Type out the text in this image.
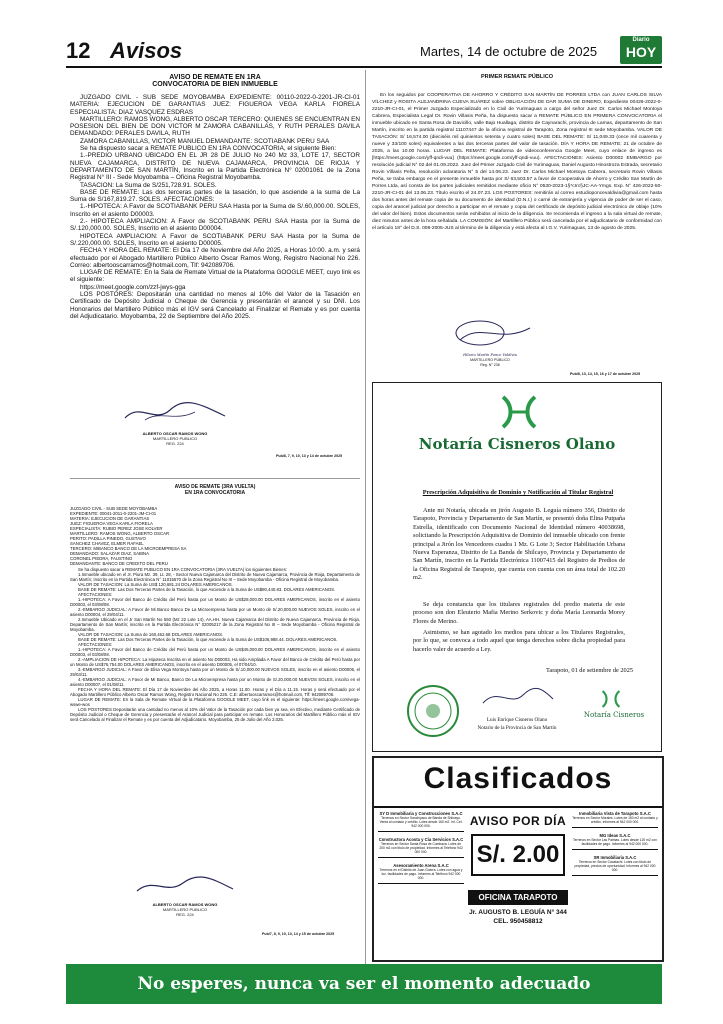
12 Avisos	Martes, 14 de octubre de 2025
Diario
HOY
AVISO DE REMATE EN 1RA
CONVOCATORIA DE BIEN INMUEBLE
JUZGADO CIVIL - SUB SEDE MOYOBAMBA EXPEDIENTE: 00110-2022-0-2201-JR-CI-01 MATERIA: EJECUCION DE GARANTIAS JUEZ: FIGUEROA VEGA KARLA FIORELA ESPECIALISTA: DIAZ VASQUEZ ESDRAS
MARTILLERO: RAMOS WONG, ALBERTO OSCAR TERCERO: QUIENES SE ENCUENTRAN EN POSESION DEL BIEN DE DON VICTOR M ZAMORA CABANILLAS, Y RUTH PERALES DAVILA DEMANDADO: PERALES DAVILA, RUTH
ZAMORA CABANILLAS, VICTOR MANUEL DEMANDANTE: SCOTIABANK PERU SAA
Se ha dispuesto sacar a REMATE PUBLICO EN 1RA CONVOCATORIA, el siguiente Bien:
1.-PREDIO URBANO UBICADO EN EL JR 28 DE JULIO No 240 Mz 33, LOTE 17, SECTOR NUEVA CAJAMARCA, DISTRITO DE NUEVA CAJAMARCA, PROVINCIA DE RIOJA Y DEPARTAMENTO DE SAN MARTÍN, Inscrito en la Partida Electrónica N° 02001061 de la Zona Registral N° III - Sede Moyobamba – Oficina Registral Moyobamba.
TASACION: La Suma de S/251,728.91. SOLES.
BASE DE REMATE: Las dos terceras partes de la tasación, lo que asciende a la suma de La Suma de S/167,819.27. SOLES. AFECTACIONES:
1.-HIPOTECA: A Favor de SCOTIABANK PERU SAA Hasta por la Suma de S/.60,000.00. SOLES, Inscrito en el asiento D00003.
2.- HIPOTECA AMPLIACION: A Favor de SCOTIABANK PERU SAA Hasta por la Suma de S/.120,000.00. SOLES, Inscrito en el asiento D00004.
HIPOTECA AMPLIACION: A Favor de SCOTIABANK PERU SAA Hasta por la Suma de S/.220,000.00. SOLES, Inscrito en el asiento D00005.
FECHA Y HORA DEL REMATE: El Día 17 de Noviembre del Año 2025, a Horas 10:00. a.m. y será efectuado por el Abogado Martillero Público Alberto Oscar Ramos Wong, Registro Nacional No 226. Correo: albertooscarramos@hotmail.com, Tlf: 942089706.
LUGAR DE REMATE: En la Sala de Remate Virtual de la Plataforma GOOGLE MEET, cuyo link es el siguiente:
https://meet.google.com/zzf-jwys-gga
LOS POSTORES: Depositarán una cantidad no menos al 10% del Valor de la Tasación en Certificado de Depósito Judicial o Cheque de Gerencia y presentarán el arancel y su DNI. Los Honorarios del Martillero Público más el IGV será Cancelado al Finalizar el Remate y es por cuenta del Adjudicatario. Moyobamba, 22 de Septiembre del Año 2025.
ALBERTO OSCAR RAMOS WONG
MARTILLERO PUBLICO
REG. 224
Pub/8, 7, 9, 10, 13 y 14 de octubre 2025
AVISO DE REMATE (3RA VUELTA)
EN 1RA CONVOCATORIA
JUZGADO CIVIL - SUB SEDE MOYOBAMBA
EXPEDIENTE: 00041-2011-0-2201-JM-CI-01
MATERIA: EJECUCION DE GARANTIAS
JUEZ: FIGUEROA VEGA KARLA FIORELA
ESPECIALISTA: RUBIO PEREZ JOSE KOLVER
MARTILLERO: RAMOS WONG, ALBERTO OSCAR
PERITO: PADILLA PINEDO, GUSTAVO
SANCHEZ CHAVEZ, ELMER RAFAEL
TERCERO: MIBANCO BANCO DE LA MICROEMPRESA SA
DEMANDADO: SALAZAR DIAZ, SABINA
CORONEL PIEDRA, FAUSTINO
DEMANDANTE: BANCO DE CREDITO DEL PERU
Se ha dispuesto sacar a REMATE PUBLICO EN 1RA CONVOCATORIA (3RA VUELTA) los siguientes Bienes:
1.Inmueble ubicado en el Jr. Piura Mz. 39, Lt. 28, - Sector Nueva Cajamarca del Distrito de Nueva Cajamarca, Provincia de Rioja, Departamento de San Martín; Inscrito en la Partida Electrónica N° 11015570 de la Zona Registral No III – Sede Moyobamba - Oficina Registral de Moyobamba.
VALOR DE TASACION: La Suma de US$ 120,681.24 DOLARES AMERICANOS.
BASE DE REMATE: Las Dos Terceras Partes de la Tasación, lo que Asciende a la Suma de US$80,440.83. DOLARES AMERICANOS.
AFECTACIONES:
1.-HIPOTECA: A Favor del Banco de Crédito del Perú hasta por un Monto de US$28,000.00 DOLARES AMERICANOS, inscrito en el asiento D00003, el 03/08/08.
2.-EMBARGO JUDICIAL: A Favor de Mi Banco Banco De La Microempresa hasta por un Monto de S/.20,000.00 NUEVOS SOLES, inscrito en el asiento D00004, el 29/04/11.
2.Inmueble Ubicado en el Jr San Martín No 550 (Mz 22 Lote 14), AA.HH. Nueva Cajamarca del Distrito de Nueva Cajamarca, Provincia de Rioja, Departamento de San Martín; inscrito en la Partida Electrónica N° 02005217 de la Zona Registral No III – Sede Moyobamba - Oficina Registral de Moyobamba.
VALOR DE TASACION: La Suma de 160,462.68 DOLARES AMERICANOS.
BASE DE REMATE: Las Dos Terceras Partes de la Tasación, lo que Asciende a la Suma de US$106,988.44. DOLARES AMERICANOS.
AFECTACIONES:
1.-HIPOTECA: A Favor del Banco de Crédito del Perú hasta por un Monto de US$45,000.00 DOLARES AMERICANOS, inscrito en el asiento D00003, el 03/08/08.
2.-AMPLIACION DE HIPOTECA: La Hipoteca Inscrita en el asiento No D00003, Ha sido Ampliada A Favor del Banco de Crédito del Perú hasta por un Monto de US$76,754.00 DOLARES AMERICANOS, inscrito en el asiento D00005, el 07/04/10.
3.-EMBARGO JUDICIAL: A Favor de Elisa Vega Montoya hasta por un Monto de S/.10,000.00 NUEVOS SOLES, inscrito en el asiento D00006, el 29/03/11.
4.-EMBARGO JUDICIAL: A Favor de Mi Banco, Banco De La Microempresa hasta por un Monto de S/.20,000.00 NUEVOS SOLES, inscrito en el asiento D00007, el 01/08/11.
FECHA Y HORA DEL REMATE: El Día 17 de Noviembre del Año 2025, a Horas 11.00. Horas y el Día a 11.15. Horas y será efectuado por el Abogado Martillero Público Alberto Oscar Ramos Wong, Registro Nacional No 226. C.E: albertooscarramos@hotmail.com, Tlf: 942089706.
LUGAR DE REMATE: En la Sala de Remate Virtual de la Plataforma GOOGLE MEET, cuyo link es el siguiente: https://meet.google.com/vega-wswe-wos
LOS POSTORES Depositarán una cantidad no menos al 10% del Valor de la Tasación por cada bien ya sea, en Efectivo, mediante Certificado de Depósito Judicial o Cheque de Gerencia y presentarán el Arancel Judicial para participar en remate. Los Honorarios del Martillero Público más el IGV será Cancelado al Finalizar el Remate y es por cuenta del Adjudicatario. Moyobamba, 25 de Julio del Año 2.025.
ALBERTO OSCAR RAMOS WONG
MARTILLERO PUBLICO
REG. 224
Pub/7, 8, 9, 10, 13, 14 y 15 de octubre 2025
PRIMER REMATE PÚBLICO
En los seguidos por COOPERATIVA DE AHORRO Y CRÉDITO SAN MARTÍN DE PORRES LTDA con JUAN CARLOS SILVA VÍLCHEZ y ROSITA ALEJANDRINA CUEVA SUÁREZ sobre OBLIGACIÓN DE DAR SUMA DE DINERO, Expediente 00426-2022-0-2210-JR-CI-01, el Primer Juzgado Especializado en lo Civil de Yurimaguas a cargo del señor Juez Dr. Carlos Michael Montoya Cabrera, Especialista Legal Dr. Rovin Villasis Peña, ha dispuesto sacar a REMATE PÚBLICO EN PRIMERA CONVOCATORIA el inmueble ubicado en Santa Rosa de Davicillo, valle Bajo Huallaga, distrito de Caynarachi, provincia de Lamas, departamento de San Martín, inscrito en la partida registral 11107447 de la oficina registral de Tarapoto, Zona registral III sede Moyobamba. VALOR DE TASACIÓN: S/ 16,574.00 (dieciséis mil quinientos setenta y cuatro soles) BASE DEL REMATE: S/ 11,049.33 (once mil cuarenta y nueve y 33/100 soles) equivalentes a las dos terceras partes del valor de tasación. DÍA Y HORA DE REMATE: 21 de octubre de 2025, a las 10.00 horas. LUGAR DEL REMATE: Plataforma de videoconferencia Google Meet, cuyo enlace de ingreso es [https://meet.google.com/yff-qndi-vuu] (https://meet.google.com/yff-qndi-vuu). AFECTACIONES: Asiento D00002 EMBARGO por resolución judicial N° 02 del 01.09.2022. Juez del Primer Juzgado Civil de Yurimaguas, Daniel Augusto Hinostroza Estrada, secretario Rovin Villasis Peña, resolución aclaratoria N° 5 del 14.06.23. Juez Dr. Carlos Michael Montoya Cabrera, secretario Rovin Villasis Peña, se traba embargo en el presente inmueble hasta por S/ 63,503.57 a favor de Cooperativa de Ahorro y Crédito San Martín de Porres Ltda, así consta de los partes judiciales remitidos mediante oficio N° 0530-2023-1§*cIrc§JC-AA-Ymgs. Exp. N° 426-2022-50-2210-JR-CI-01 del 13.06.23. Título escrito el 24.07.23. LOS POSTORES: remitirán al correo estudioponcevaldivia@gmail.com hasta dos horas antes del remate copia de su documento de identidad (D.N.I.) o carné de extranjería y vigencia de poder de ser el caso, copia del arancel judicial por derecho a participar en el remate y copia del certificado de depósito judicial electrónico de oblaje (10% del valor del bien). Estos documentos serán exhibidos al inicio de la diligencia. Se recomienda el ingreso a la sala virtual de remate, diez minutos antes de la hora señalada. LA COMISIÓN: del Martillero Público será cancelada por el adjudicatario de conformidad con el artículo 18° del D.S. 008-2005-JUS al término de la diligencia y está afecta al I.G.V. Yurimaguas, 13 de agosto de 2025.
Hilario Martín Ponce Valdivia
MARTILLERO PÚBLICO
Reg. N° 236
Pub/8, 13, 14, 15, 16 y 17 de octubre 2025
Notaría Cisneros Olano
Prescripción Adquisitiva de Dominio y Notificación al Titular Registral
Ante mi Notaría, ubicada en jirón Augusto B. Leguía número 356, Distrito de Tarapoto, Provincia y Departamento de San Martín, se presentó doña Elina Putpaña Estrella, identificado con Documento Nacional de Identidad número 40038698, solicitando la Prescripción Adquisitiva de Dominio del inmueble ubicado con frente principal a Jirón los Vencedores cuadra 1 Mz. G Lote 3; Sector Habilitación Urbana Nueva Esperanza, Distrito de La Banda de Shilcayo, Provincia y Departamento de San Martín, inscrito en la Partida Electrónica 11007415 del Registro de Predios de la Oficina Registral de Tarapoto, que cuenta con cuenta con un área total de 102.20 m2.
Se deja constancia que los titulares registrales del predio materia de este proceso son don Eleuterio Mafia Merino Serkovic y doña María Leonarda Morey Flores de Merino.
Asimismo, se han agotado los medios para ubicar a los Titulares Registrales, por lo que, se convoca a todo aquel que tenga derechos sobre dicha propiedad para hacerlo valer de acuerdo a Ley.
Tarapoto, 01 de setiembre de 2025
Luis Enrique Cisneros Olano
Notario de la Provincia de San Martín
Notaría Cisneros
Clasificados
SY D Inmobiliaria y Construcciones S.A.C
Terrenos en Sector Sanchiyacu de Banda de Shilcayo. Venta al contado y crédito. Lotes desde 160 m2. Inf. Cel: 942 000 000.
Constructora Acosta y Cía Servicios S.A.C
Terrenos en Sector Santa Rosa de Cumbaza. Lotes de 200 m2 con título de propiedad. Informes al Teléfono 942 000 000.
Asesoramiento Arena S.A.C
Terrenos en el Distrito de Juan Guerra. Lotes con agua y luz, facilidades de pago. Informes al Teléfono 942 000 000.
AVISO POR DÍA
S/. 2.00
OFICINA TARAPOTO
Jr. AUGUSTO B. LEGUÍA N° 344
CEL. 950458812
Inmobiliaria Vista de Tarapoto S.A.C
Terrenos en Sector Morales. Lotes de 150 m2 al contado y crédito. Informes al 942 000 000.
MG Ideas S.A.C
Terrenos en Sector Las Palmas. Lotes desde 120 m2 con facilidades de pago. Informes al 942 000 000.
SR Inmobiliaria S.A.C
Terrenos en Sector Cacatachi. Lotes con título de propiedad, precios de oportunidad. Informes al 942 000 000.
No esperes, nunca va ser el momento adecuado
